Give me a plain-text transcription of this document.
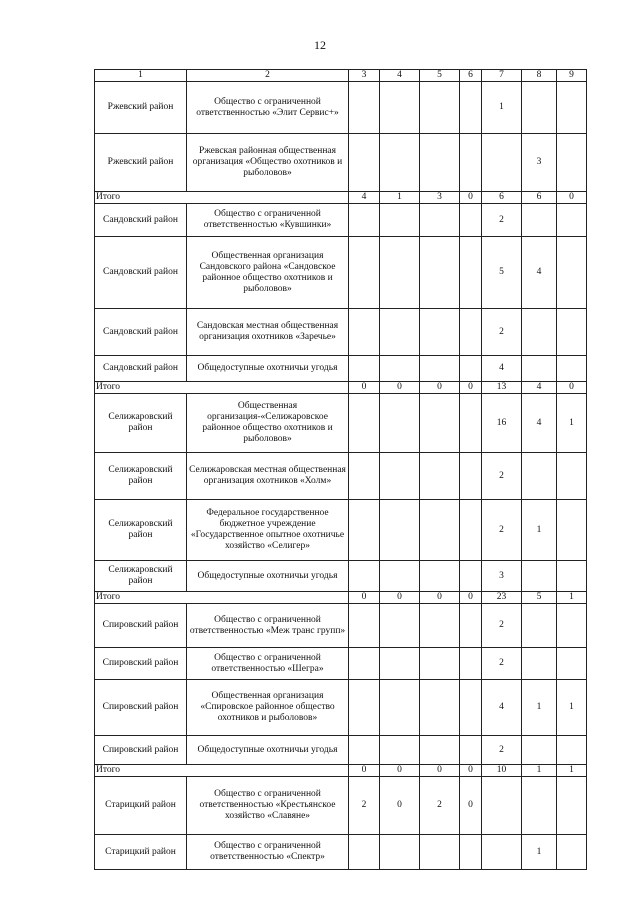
12
1	2	3	4	5	6	7	8	9
Ржевский район	Общество с ограниченной ответственностью «Элит Сервис+»					1		
Ржевский район	Ржевская районная общественная организация «Общество охотников и рыболовов»						3	
Итого		4	1	3	0	6	6	0
Сандовский район	Общество с ограниченной ответственностью «Кувшинки»					2		
Сандовский район	Общественная организация Сандовского района «Сандовское районное общество охотников и рыболовов»					5	4	
Сандовский район	Сандовская местная общественная организация охотников «Заречье»					2		
Сандовский район	Общедоступные охотничьи угодья					4		
Итого		0	0	0	0	13	4	0
Селижаровский район	Общественная организация-«Селижаровское районное общество охотников и рыболовов»					16	4	1
Селижаровский район	Селижаровская местная общественная организация охотников «Холм»					2		
Селижаровский район	Федеральное государственное бюджетное учреждение «Государственное опытное охотничье хозяйство «Селигер»					2	1	
Селижаровский район	Общедоступные охотничьи угодья					3		
Итого		0	0	0	0	23	5	1
Спировский район	Общество с ограниченной ответственностью «Меж транс групп»					2		
Спировский район	Общество с ограниченной ответственностью «Шегра»					2		
Спировский район	Общественная организация «Спировское районное общество охотников и рыболовов»					4	1	1
Спировский район	Общедоступные охотничьи угодья					2		
Итого		0	0	0	0	10	1	1
Старицкий район	Общество с ограниченной ответственностью «Крестьянское хозяйство «Славяне»	2	0	2	0			
Старицкий район	Общество с ограниченной ответственностью «Спектр»						1	
